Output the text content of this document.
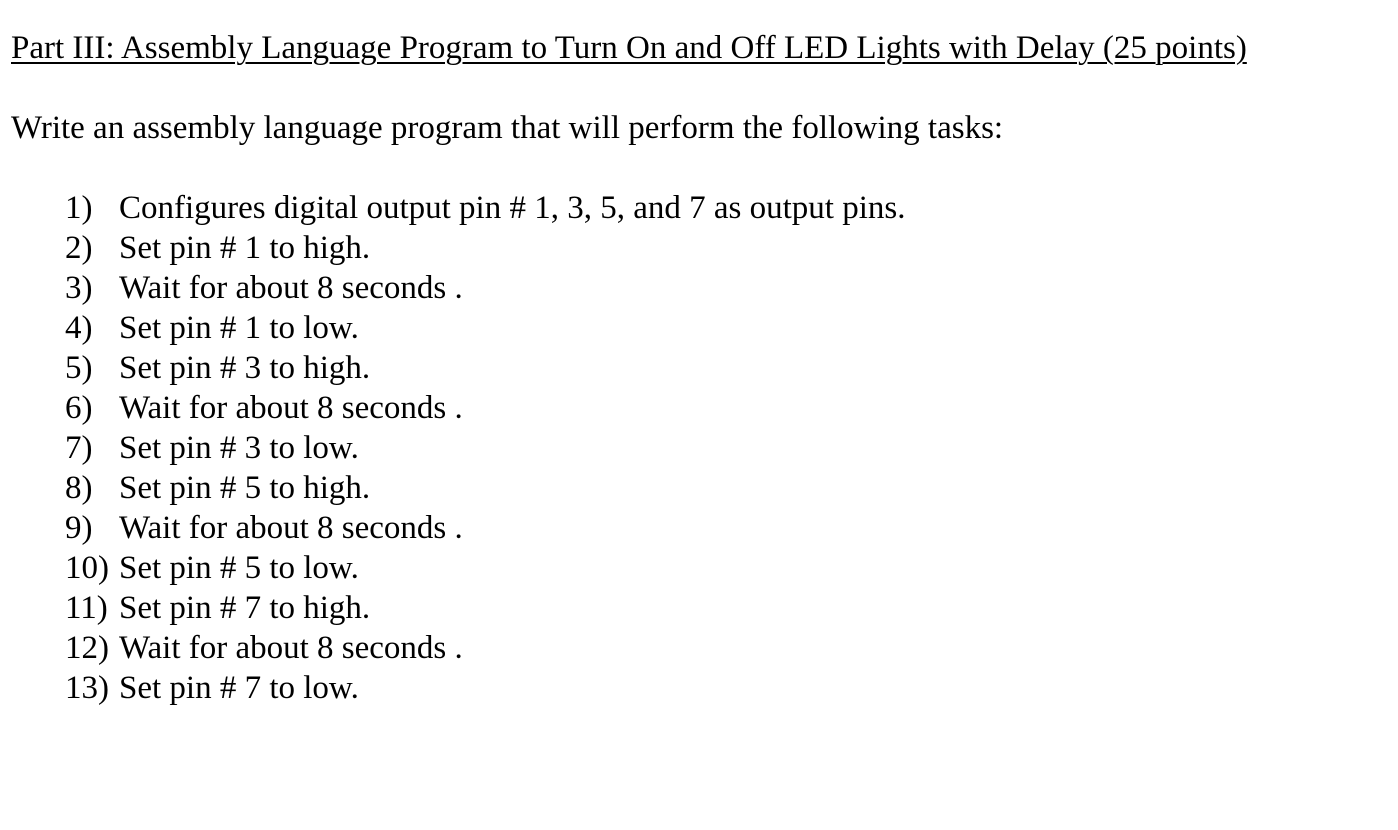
Part III: Assembly Language Program to Turn On and Off LED Lights with Delay (25 points)

Write an assembly language program that will perform the following tasks:

1) Configures digital output pin # 1, 3, 5, and 7 as output pins.
2) Set pin # 1 to high.
3) Wait for about 8 seconds .
4) Set pin # 1 to low.
5) Set pin # 3 to high.
6) Wait for about 8 seconds .
7) Set pin # 3 to low.
8) Set pin # 5 to high.
9) Wait for about 8 seconds .
10) Set pin # 5 to low.
11) Set pin # 7 to high.
12) Wait for about 8 seconds .
13) Set pin # 7 to low.
